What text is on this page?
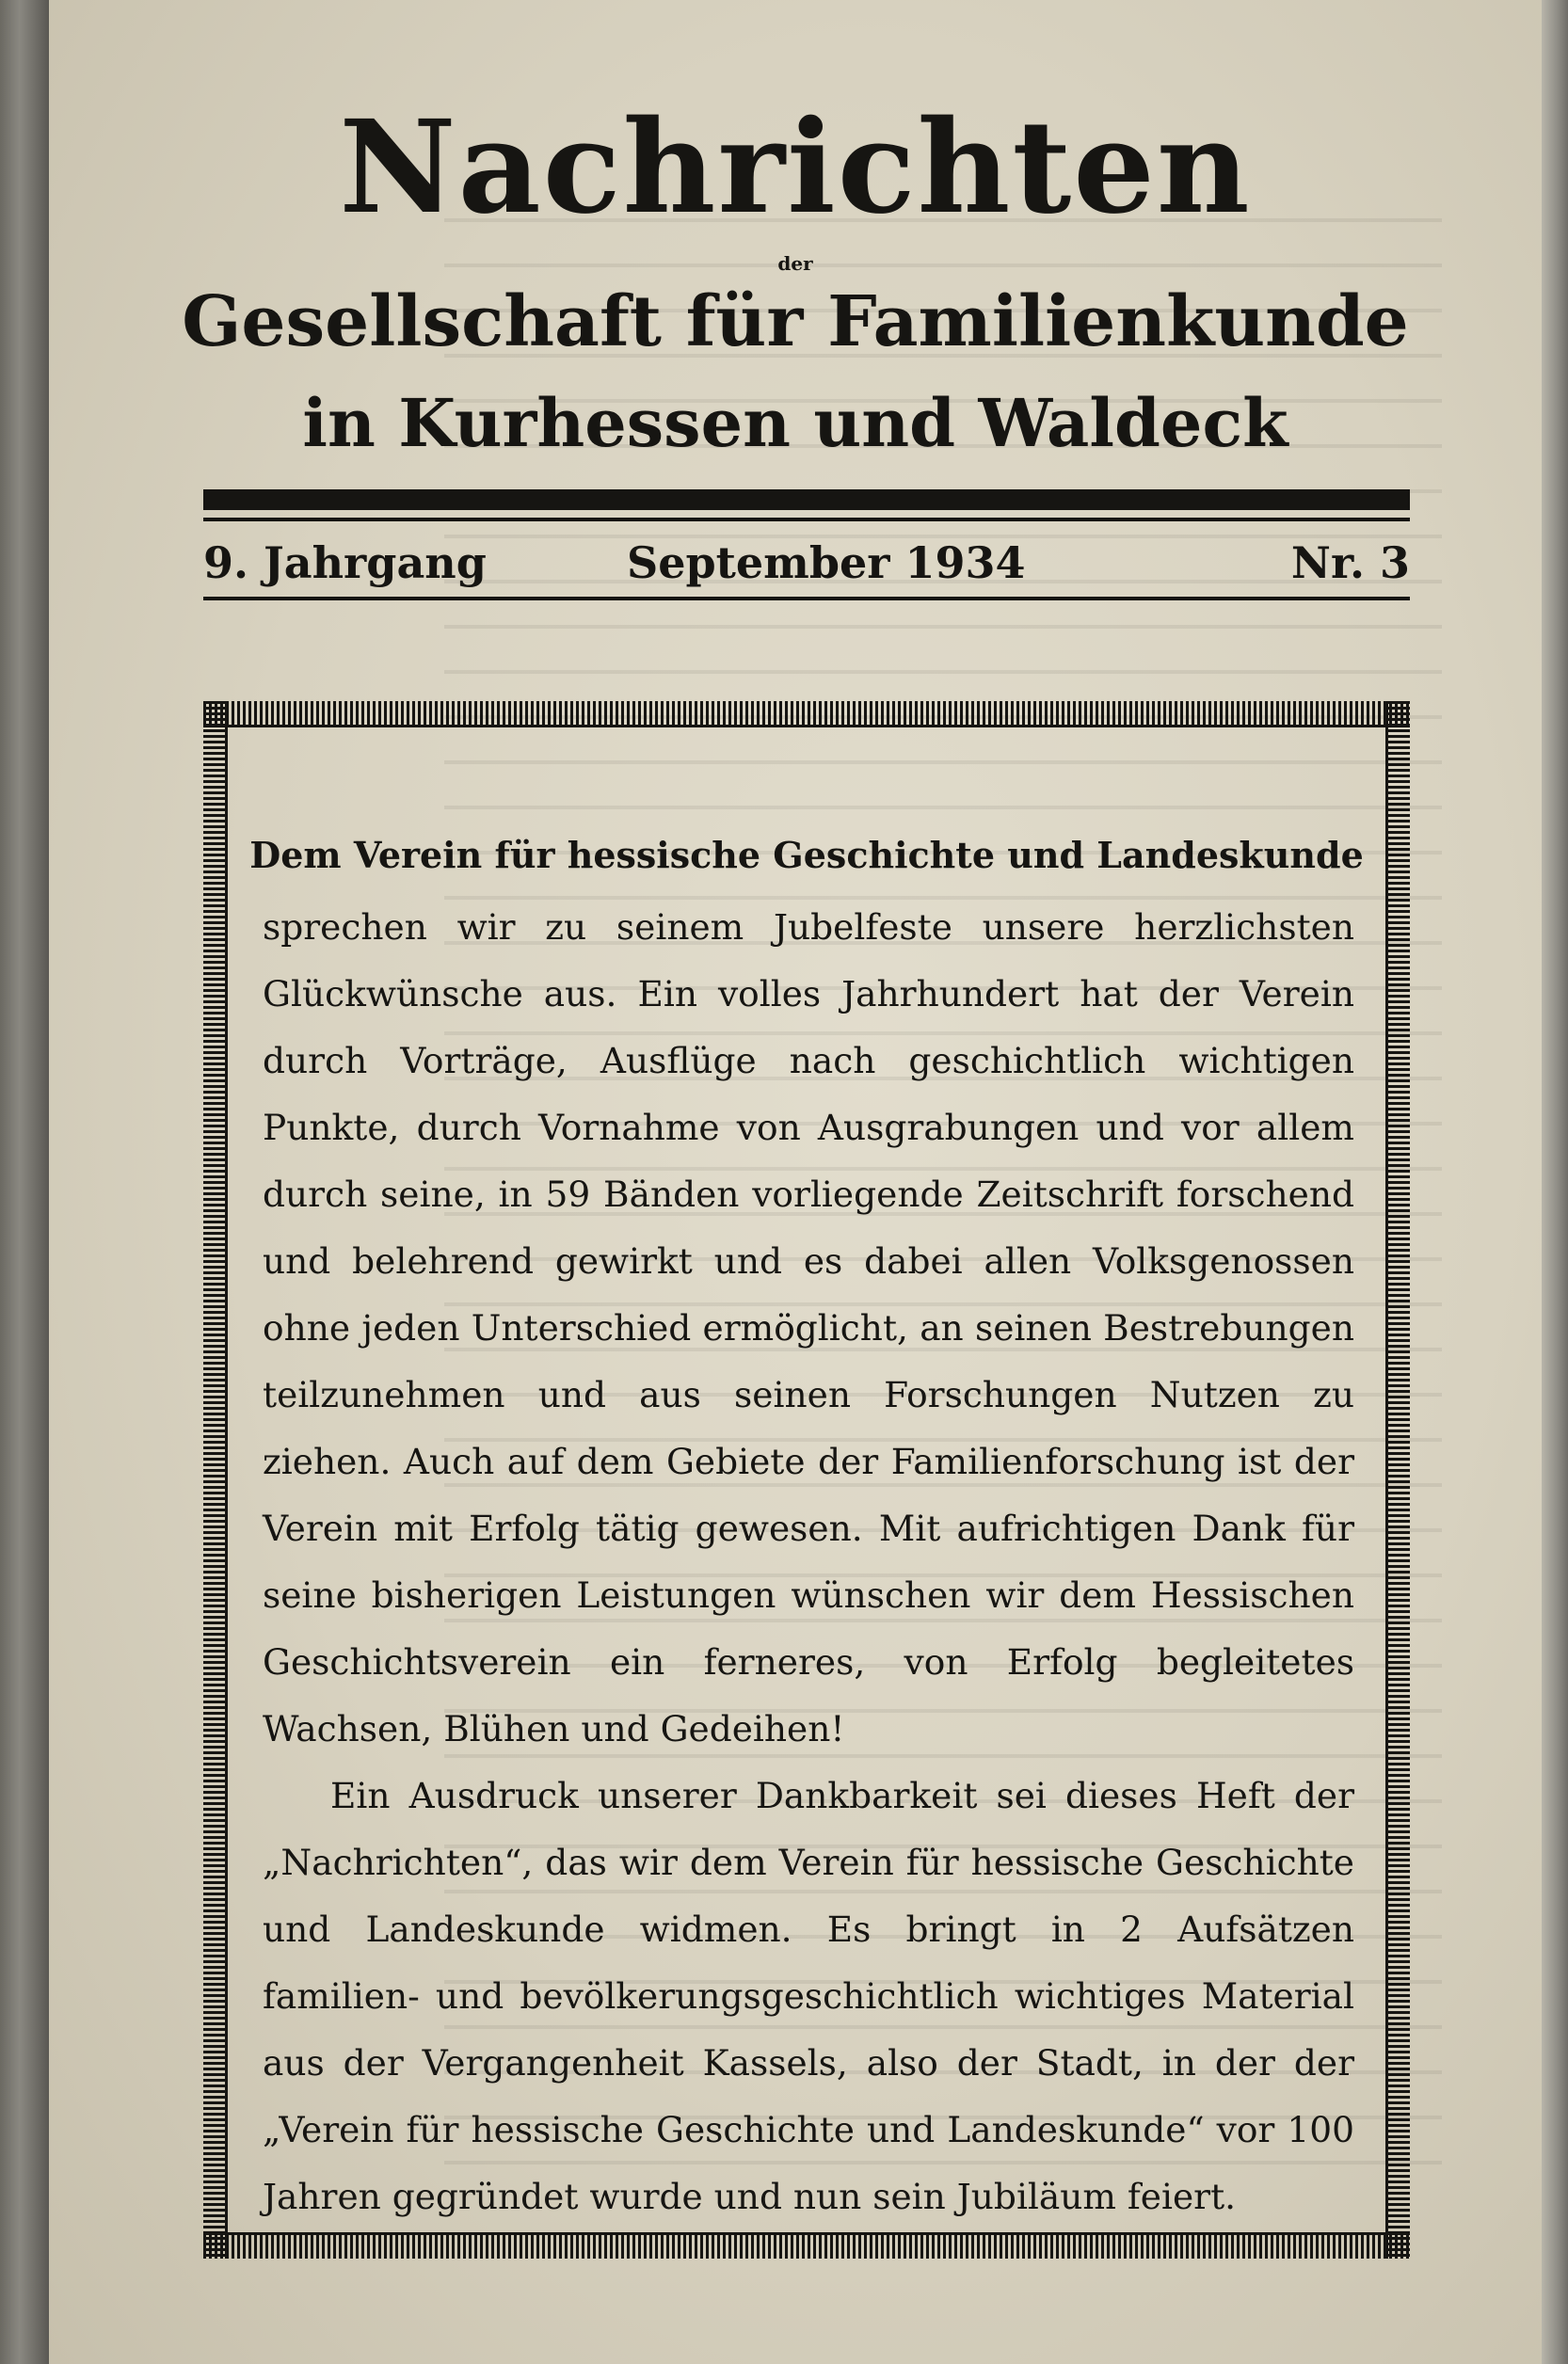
Nachrichten
der
Gesellschaft für Familienkunde
in Kurhessen und Waldeck
9. Jahrgang	September 1934	Nr. 3
Dem Verein für hessische Geschichte und Landeskunde

sprechen wir zu seinem Jubelfeste unsere herzlichsten Glückwünsche aus. Ein volles Jahrhundert hat der Verein durch Vorträge, Ausflüge nach geschichtlich wichtigen Punkte, durch Vornahme von Ausgrabungen und vor allem durch seine, in 59 Bänden vorliegende Zeitschrift forschend und belehrend gewirkt und es dabei allen Volksgenossen ohne jeden Unterschied ermöglicht, an seinen Bestrebungen teilzunehmen und aus seinen Forschungen Nutzen zu ziehen. Auch auf dem Gebiete der Familienforschung ist der Verein mit Erfolg tätig gewesen. Mit aufrichtigen Dank für seine bisherigen Leistungen wünschen wir dem Hessischen Geschichtsverein ein ferneres, von Erfolg begleitetes Wachsen, Blühen und Gedeihen!

Ein Ausdruck unserer Dankbarkeit sei dieses Heft der „Nachrichten“, das wir dem Verein für hessische Geschichte und Landeskunde widmen. Es bringt in 2 Aufsätzen familien- und bevölkerungsgeschichtlich wichtiges Material aus der Vergangenheit Kassels, also der Stadt, in der der „Verein für hessische Geschichte und Landeskunde“ vor 100 Jahren gegründet wurde und nun sein Jubiläum feiert.
